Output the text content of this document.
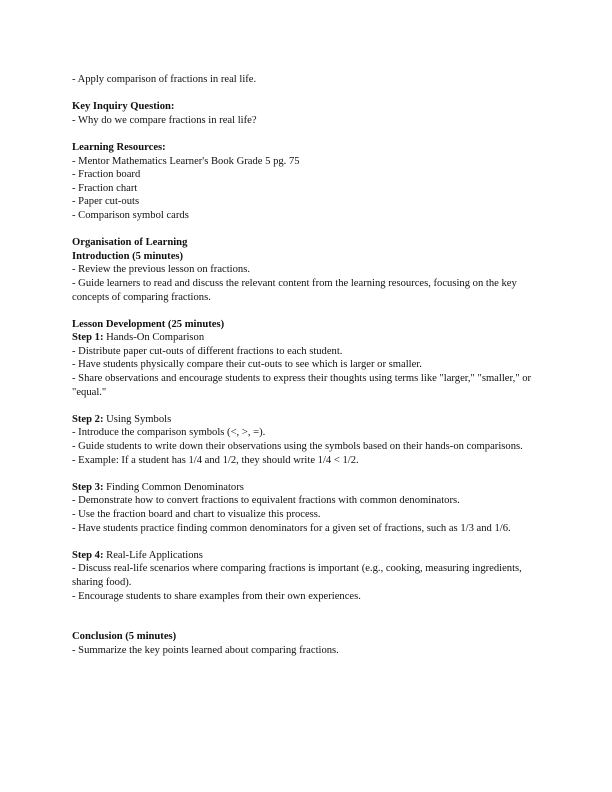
- Apply comparison of fractions in real life.
Key Inquiry Question:
- Why do we compare fractions in real life?
Learning Resources:
- Mentor Mathematics Learner's Book Grade 5 pg. 75
- Fraction board
- Fraction chart
- Paper cut-outs
- Comparison symbol cards
Organisation of Learning
Introduction (5 minutes)
- Review the previous lesson on fractions.
- Guide learners to read and discuss the relevant content from the learning resources, focusing on the key concepts of comparing fractions.
Lesson Development (25 minutes)
Step 1: Hands-On Comparison
- Distribute paper cut-outs of different fractions to each student.
- Have students physically compare their cut-outs to see which is larger or smaller.
- Share observations and encourage students to express their thoughts using terms like "larger," "smaller," or "equal."
Step 2: Using Symbols
- Introduce the comparison symbols (<, >, =).
- Guide students to write down their observations using the symbols based on their hands-on comparisons.
- Example: If a student has 1/4 and 1/2, they should write 1/4 < 1/2.
Step 3: Finding Common Denominators
- Demonstrate how to convert fractions to equivalent fractions with common denominators.
- Use the fraction board and chart to visualize this process.
- Have students practice finding common denominators for a given set of fractions, such as 1/3 and 1/6.
Step 4: Real-Life Applications
- Discuss real-life scenarios where comparing fractions is important (e.g., cooking, measuring ingredients, sharing food).
- Encourage students to share examples from their own experiences.
Conclusion (5 minutes)
- Summarize the key points learned about comparing fractions.
